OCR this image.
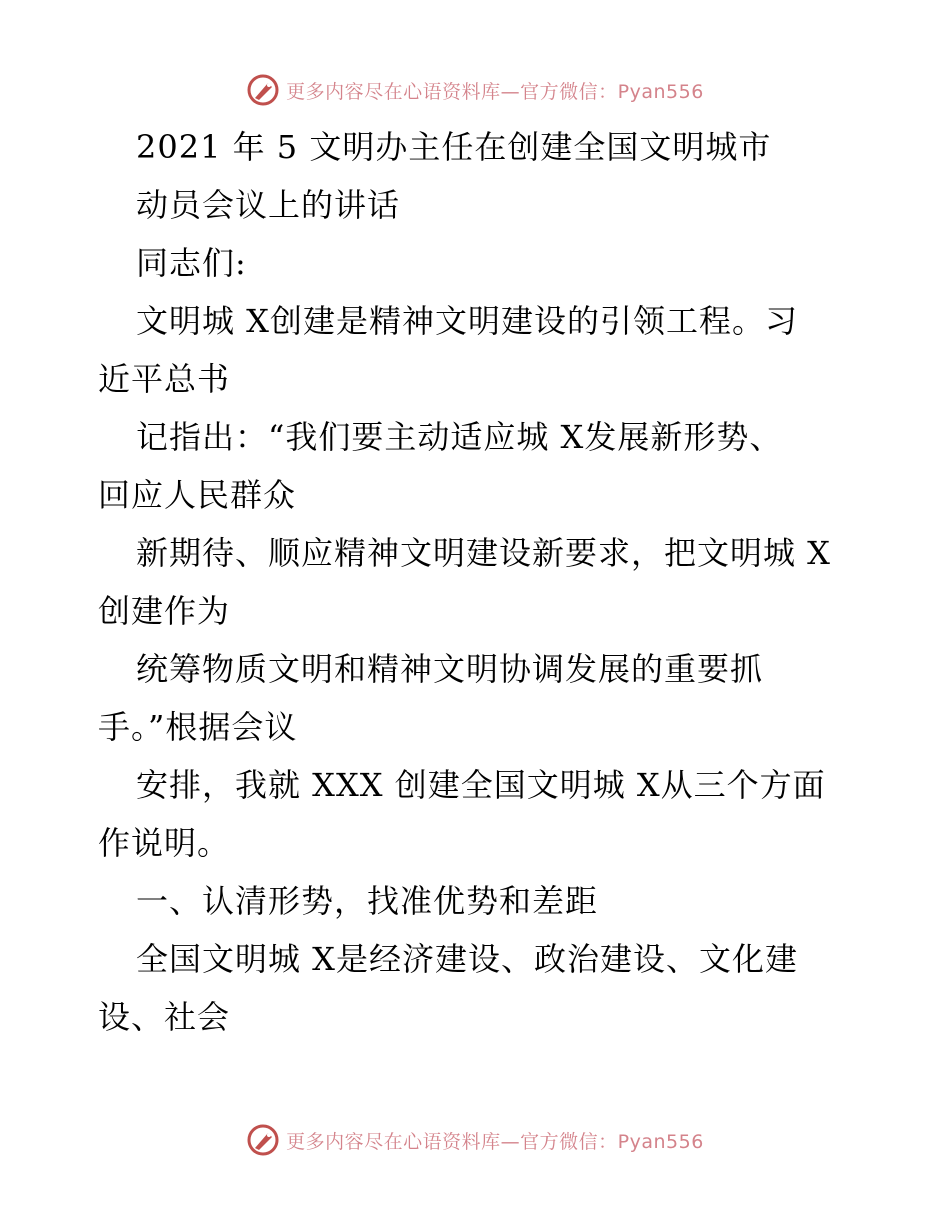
更多内容尽在心语资料库—官方微信：Pyan556
2021 年 5 文明办主任在创建全国文明城市
动员会议上的讲话
同志们:
文明城 X创建是精神文明建设的引领工程。习
近平总书
记指出：“我们要主动适应城 X发展新形势、
回应人民群众
新期待、顺应精神文明建设新要求，把文明城 X
创建作为
统筹物质文明和精神文明协调发展的重要抓
手。”根据会议
安排，我就 XXX 创建全国文明城 X从三个方面
作说明。
一、认清形势，找准优势和差距
全国文明城 X是经济建设、政治建设、文化建
设、社会
更多内容尽在心语资料库—官方微信：Pyan556
